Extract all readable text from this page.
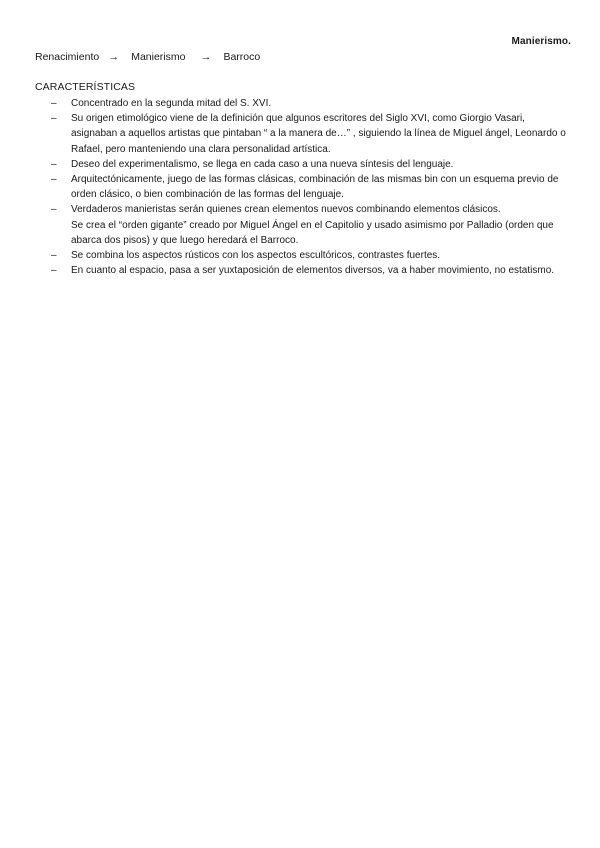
Manierismo.
Renacimiento → Manierismo → Barroco
CARACTERÍSTICAS
– Concentrado en la segunda mitad del S. XVI.
– Su origen etimológico viene de la definición que algunos escritores del Siglo XVI, como Giorgio Vasari, asignaban a aquellos artistas que pintaban “ a la manera de…” , siguiendo la línea de Miguel ángel, Leonardo o Rafael, pero manteniendo una clara personalidad artística.
– Deseo del experimentalismo, se llega en cada caso a una nueva síntesis del lenguaje.
– Arquitectónicamente, juego de las formas clásicas, combinación de las mismas bin con un esquema previo de orden clásico, o bien combinación de las formas del lenguaje.
– Verdaderos manieristas serán quienes crean elementos nuevos combinando elementos clásicos.
Se crea el “orden gigante” creado por Miguel Ángel en el Capitolio y usado asimismo por Palladio (orden que abarca dos pisos) y que luego heredará el Barroco.
– Se combina los aspectos rústicos con los aspectos escultóricos, contrastes fuertes.
– En cuanto al espacio, pasa a ser yuxtaposición de elementos diversos, va a haber movimiento, no estatismo.
